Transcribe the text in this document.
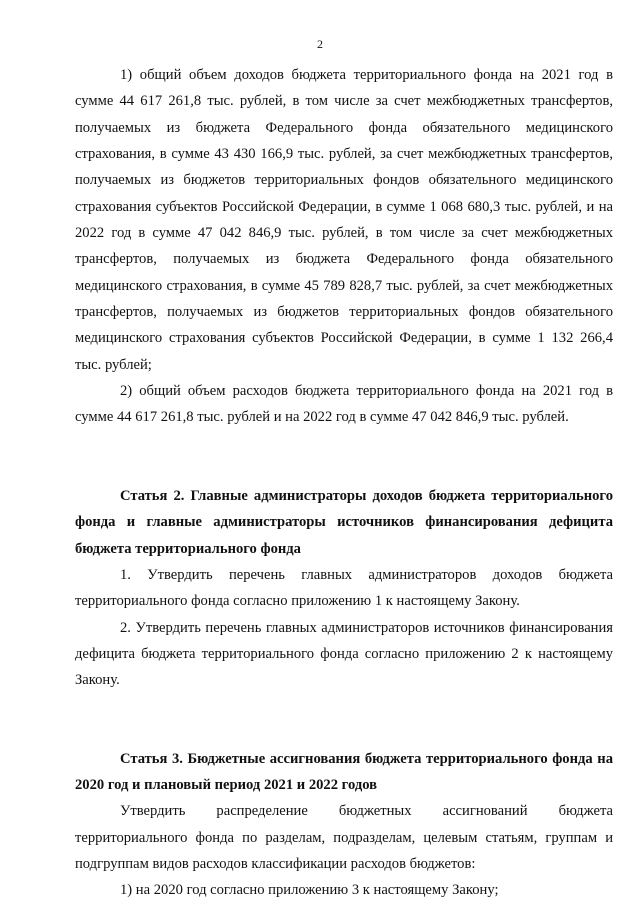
2

1) общий объем доходов бюджета территориального фонда на 2021 год в сумме 44 617 261,8 тыс. рублей, в том числе за счет межбюджетных трансфертов, получаемых из бюджета Федерального фонда обязательного медицинского страхования, в сумме 43 430 166,9 тыс. рублей, за счет межбюджетных трансфертов, получаемых из бюджетов территориальных фондов обязательного медицинского страхования субъектов Российской Федерации, в сумме 1 068 680,3 тыс. рублей, и на 2022 год в сумме 47 042 846,9 тыс. рублей, в том числе за счет межбюджетных трансфертов, получаемых из бюджета Федерального фонда обязательного медицинского страхования, в сумме 45 789 828,7 тыс. рублей, за счет межбюджетных трансфертов, получаемых из бюджетов территориальных фондов обязательного медицинского страхования субъектов Российской Федерации, в сумме 1 132 266,4 тыс. рублей;

2) общий объем расходов бюджета территориального фонда на 2021 год в сумме 44 617 261,8 тыс. рублей и на 2022 год в сумме 47 042 846,9 тыс. рублей.

Статья 2. Главные администраторы доходов бюджета территориального фонда и главные администраторы источников финансирования дефицита бюджета территориального фонда

1. Утвердить перечень главных администраторов доходов бюджета территориального фонда согласно приложению 1 к настоящему Закону.

2. Утвердить перечень главных администраторов источников финансирования дефицита бюджета территориального фонда согласно приложению 2 к настоящему Закону.

Статья 3. Бюджетные ассигнования бюджета территориального фонда на 2020 год и плановый период 2021 и 2022 годов

Утвердить распределение бюджетных ассигнований бюджета территориального фонда по разделам, подразделам, целевым статьям, группам и подгруппам видов расходов классификации расходов бюджетов:

1) на 2020 год согласно приложению 3 к настоящему Закону;
